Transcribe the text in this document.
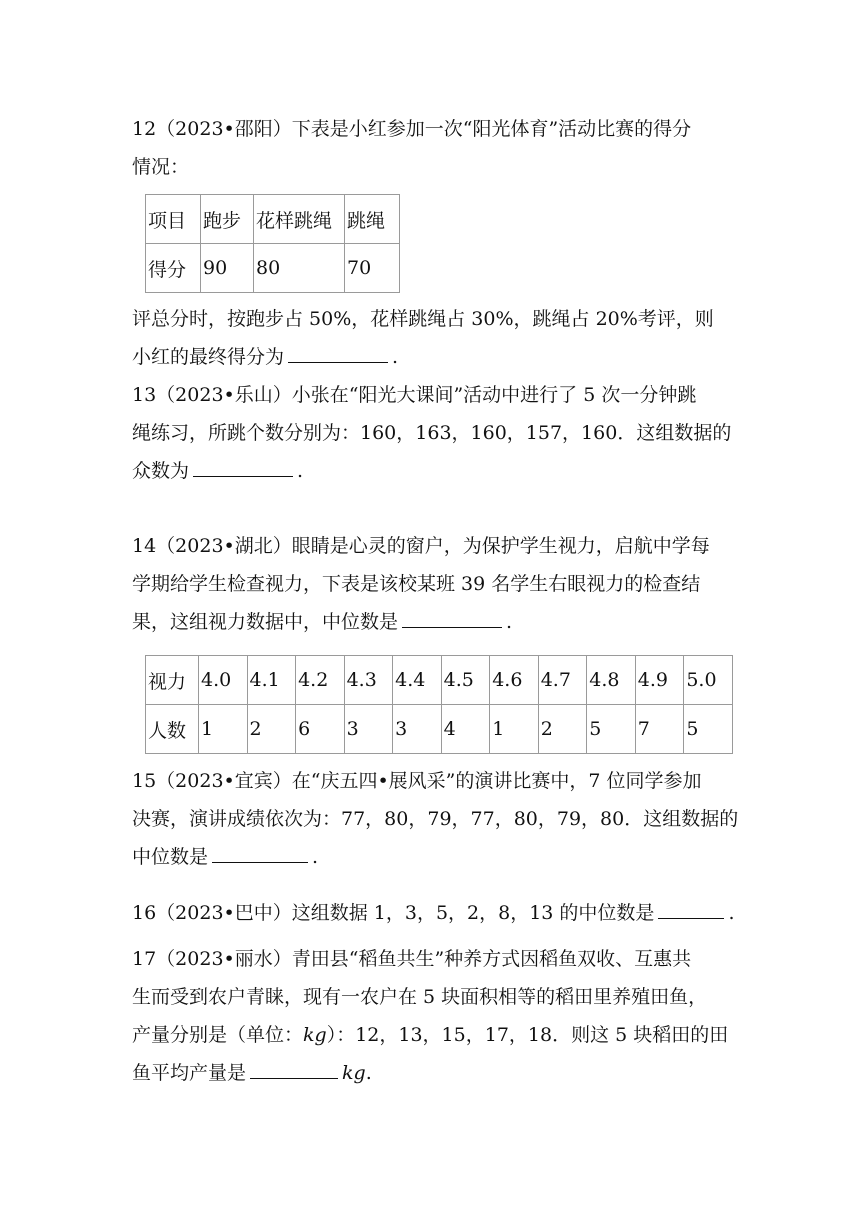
12（2023•邵阳）下表是小红参加一次“阳光体育”活动比赛的得分
情况：

项目	跑步	花样跳绳	跳绳
得分	90	80	70

评总分时，按跑步占 50%，花样跳绳占 30%，跳绳占 20%考评，则
小红的最终得分为	.

13（2023•乐山）小张在“阳光大课间”活动中进行了 5 次一分钟跳
绳练习，所跳个数分别为：160，163，160，157，160．这组数据的
众数为	.

14（2023•湖北）眼睛是心灵的窗户，为保护学生视力，启航中学每
学期给学生检查视力，下表是该校某班 39 名学生右眼视力的检查结
果，这组视力数据中，中位数是	.

视力	4.0	4.1	4.2	4.3	4.4	4.5	4.6	4.7	4.8	4.9	5.0
人数	1	2	6	3	3	4	1	2	5	7	5

15（2023•宜宾）在“庆五四•展风采”的演讲比赛中，7 位同学参加
决赛，演讲成绩依次为：77，80，79，77，80，79，80．这组数据的
中位数是	.

16（2023•巴中）这组数据 1，3，5，2，8，13 的中位数是	.

17（2023•丽水）青田县“稻鱼共生”种养方式因稻鱼双收、互惠共
生而受到农户青睐，现有一农户在 5 块面积相等的稻田里养殖田鱼，
产量分别是（单位：kg）：12，13，15，17，18．则这 5 块稻田的田
鱼平均产量是	kg.
